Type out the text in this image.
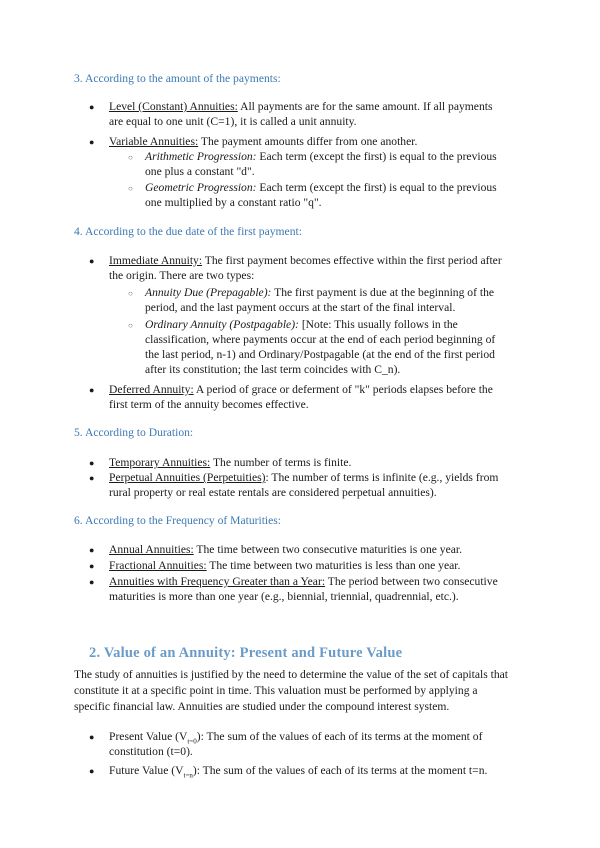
3. According to the amount of the payments:
● Level (Constant) Annuities: All payments are for the same amount. If all payments
are equal to one unit (C=1), it is called a unit annuity.
● Variable Annuities: The payment amounts differ from one another.
○ Arithmetic Progression: Each term (except the first) is equal to the previous
one plus a constant "d".
○ Geometric Progression: Each term (except the first) is equal to the previous
one multiplied by a constant ratio "q".
4. According to the due date of the first payment:
● Immediate Annuity: The first payment becomes effective within the first period after
the origin. There are two types:
○ Annuity Due (Prepagable): The first payment is due at the beginning of the
period, and the last payment occurs at the start of the final interval.
○ Ordinary Annuity (Postpagable): [Note: This usually follows in the
classification, where payments occur at the end of each period beginning of
the last period, n-1) and Ordinary/Postpagable (at the end of the first period
after its constitution; the last term coincides with C_n).
● Deferred Annuity: A period of grace or deferment of "k" periods elapses before the
first term of the annuity becomes effective.
5. According to Duration:
● Temporary Annuities: The number of terms is finite.
● Perpetual Annuities (Perpetuities): The number of terms is infinite (e.g., yields from
rural property or real estate rentals are considered perpetual annuities).
6. According to the Frequency of Maturities:
● Annual Annuities: The time between two consecutive maturities is one year.
● Fractional Annuities: The time between two maturities is less than one year.
● Annuities with Frequency Greater than a Year: The period between two consecutive
maturities is more than one year (e.g., biennial, triennial, quadrennial, etc.).
2. Value of an Annuity: Present and Future Value
The study of annuities is justified by the need to determine the value of the set of capitals that
constitute it at a specific point in time. This valuation must be performed by applying a
specific financial law. Annuities are studied under the compound interest system.
● Present Value $(V_{t=0})$: The sum of the values of each of its terms at the moment of
constitution (t=0).
● Future Value $(V_{t=n})$: The sum of the values of each of its terms at the moment t=n.
